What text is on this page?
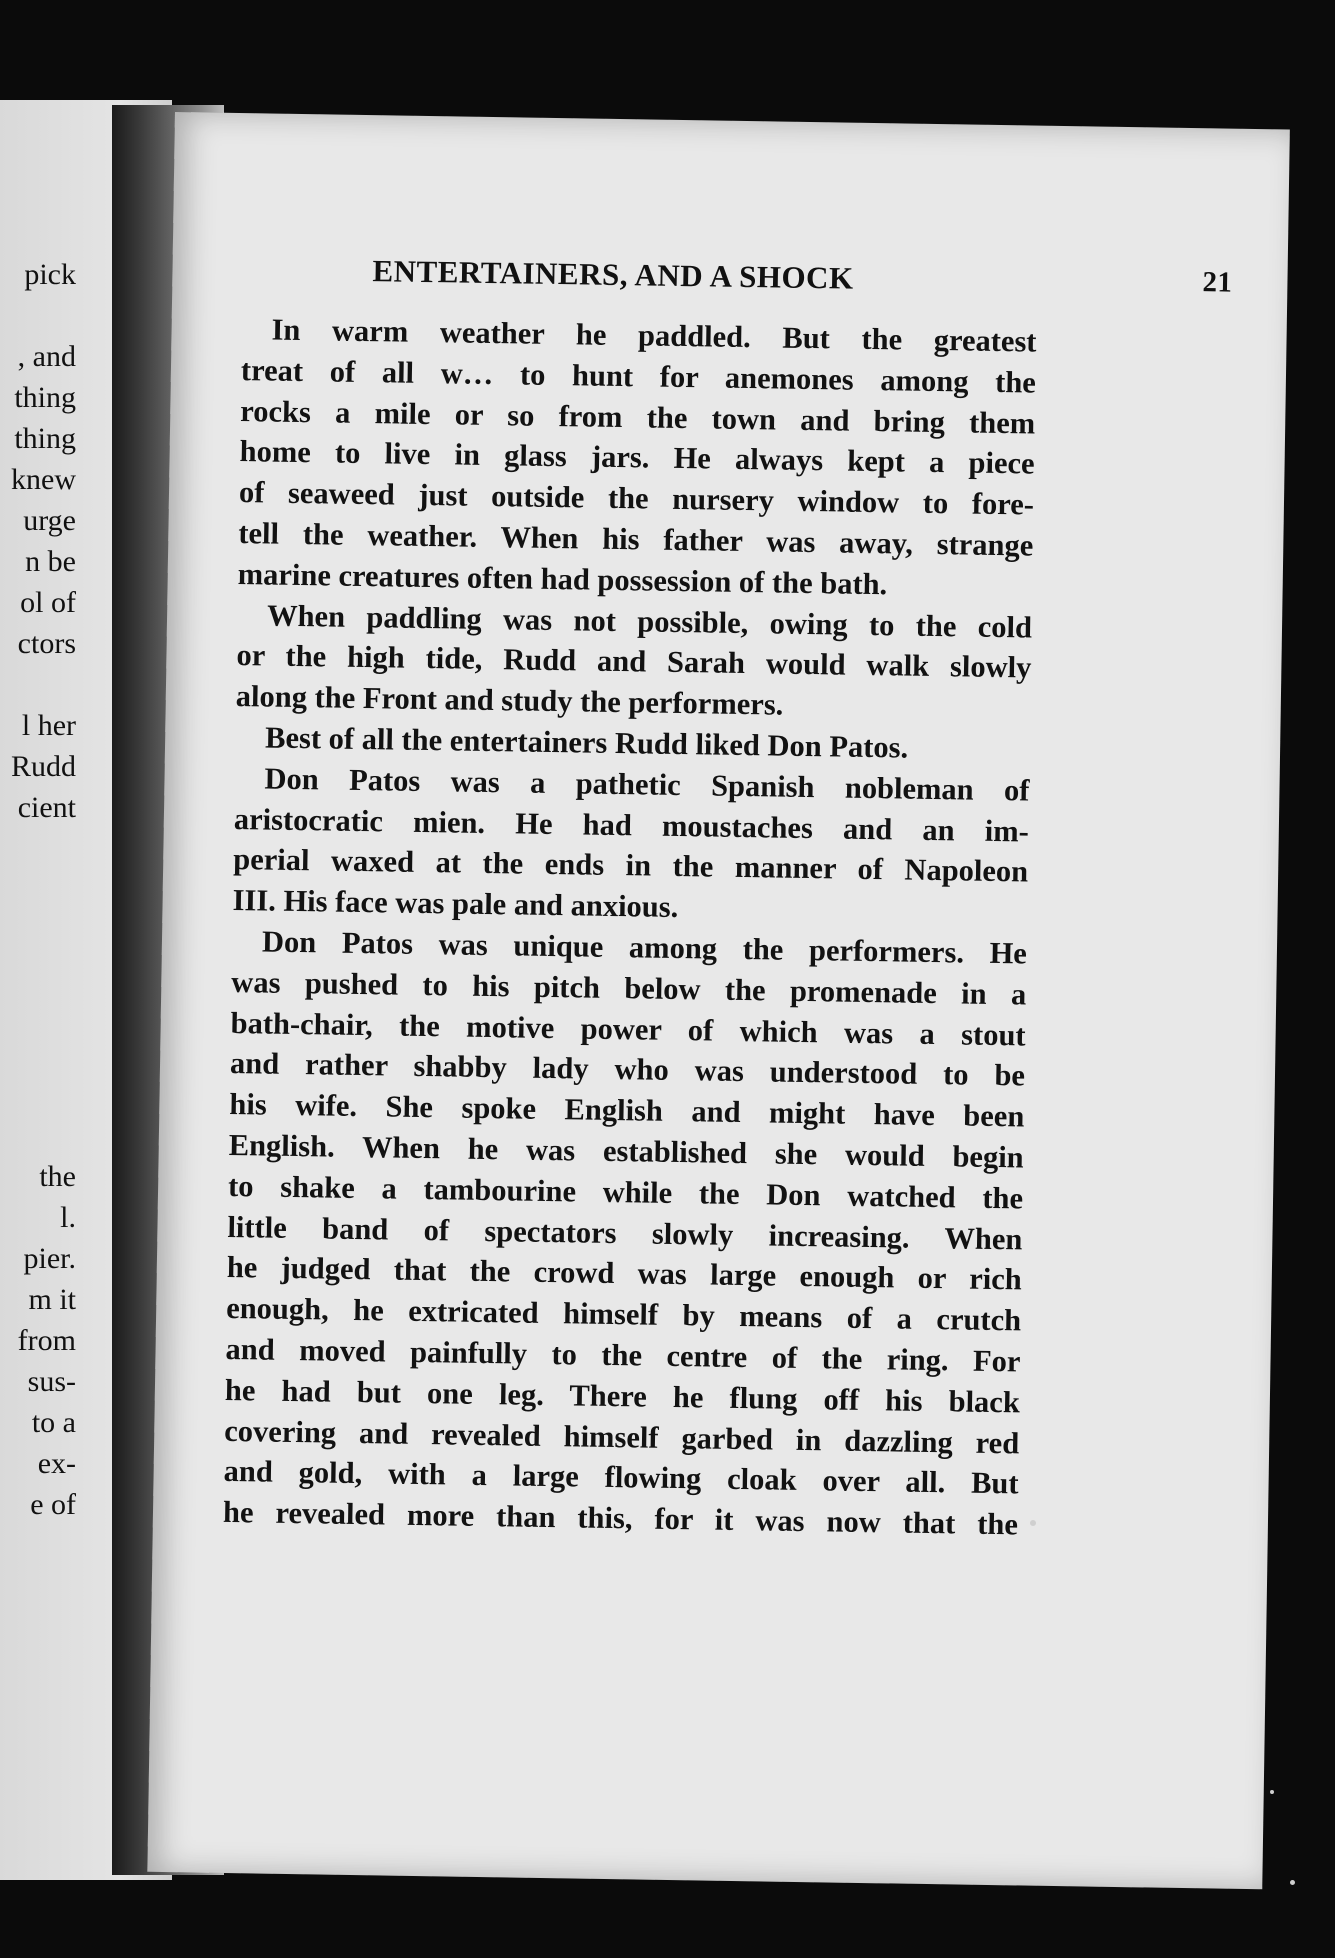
pick
, and
thing
thing
knew
urge
n be
ol of
ctors
l her
Rudd
cient
the
l.
pier.
m it
from
sus-
to a
ex-
e of
ENTERTAINERS, AND A SHOCK	21
In warm weather he paddled. But the greatest
treat of all w… to hunt for anemones among the
rocks a mile or so from the town and bring them
home to live in glass jars. He always kept a piece
of seaweed just outside the nursery window to fore-
tell the weather. When his father was away, strange
marine creatures often had possession of the bath.
When paddling was not possible, owing to the cold
or the high tide, Rudd and Sarah would walk slowly
along the Front and study the performers.
Best of all the entertainers Rudd liked Don Patos.
Don Patos was a pathetic Spanish nobleman of
aristocratic mien. He had moustaches and an im-
perial waxed at the ends in the manner of Napoleon
III. His face was pale and anxious.
Don Patos was unique among the performers. He
was pushed to his pitch below the promenade in a
bath-chair, the motive power of which was a stout
and rather shabby lady who was understood to be
his wife. She spoke English and might have been
English. When he was established she would begin
to shake a tambourine while the Don watched the
little band of spectators slowly increasing. When
he judged that the crowd was large enough or rich
enough, he extricated himself by means of a crutch
and moved painfully to the centre of the ring. For
he had but one leg. There he flung off his black
covering and revealed himself garbed in dazzling red
and gold, with a large flowing cloak over all. But
he revealed more than this, for it was now that the
